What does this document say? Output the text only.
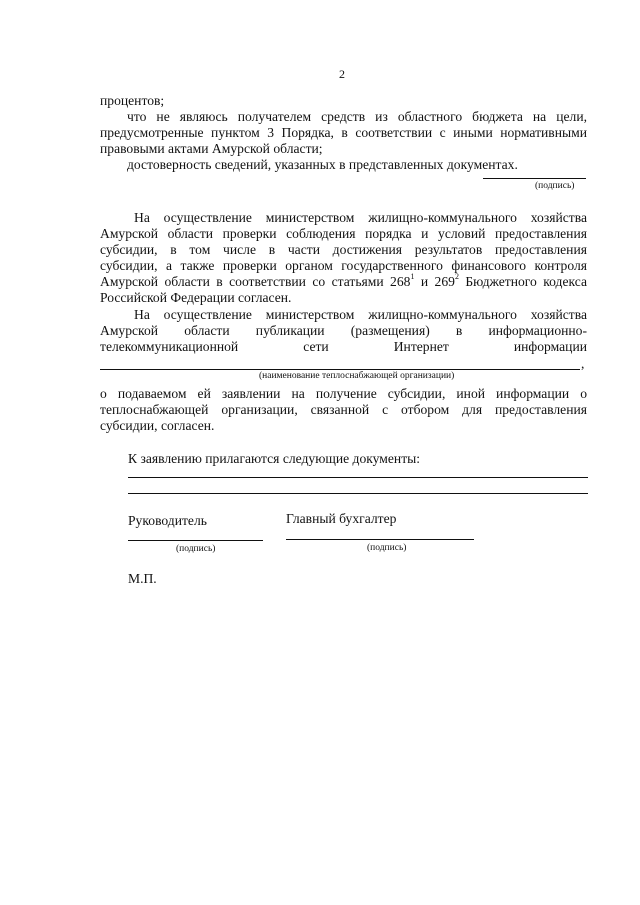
2
процентов;
что не являюсь получателем средств из областного бюджета на цели,
предусмотренные пунктом 3 Порядка, в соответствии с иными нормативными
правовыми актами Амурской области;
достоверность сведений, указанных в представленных документах.
(подпись)
На осуществление министерством жилищно-коммунального хозяйства
Амурской области проверки соблюдения порядка и условий предоставления
субсидии, в том числе в части достижения результатов предоставления
субсидии, а также проверки органом государственного финансового контроля
Амурской области в соответствии со статьями $268^1$ и $269^2$ Бюджетного кодекса
Российской Федерации согласен.
На осуществление министерством жилищно-коммунального хозяйства
Амурской области публикации (размещения) в информационно-
телекоммуникационной сети Интернет информации
,
(наименование теплоснабжающей организации)
о подаваемом ей заявлении на получение субсидии, иной информации о
теплоснабжающей организации, связанной с отбором для предоставления
субсидии, согласен.
К заявлению прилагаются следующие документы:
Руководитель	Главный бухгалтер
(подпись)	(подпись)
М.П.
